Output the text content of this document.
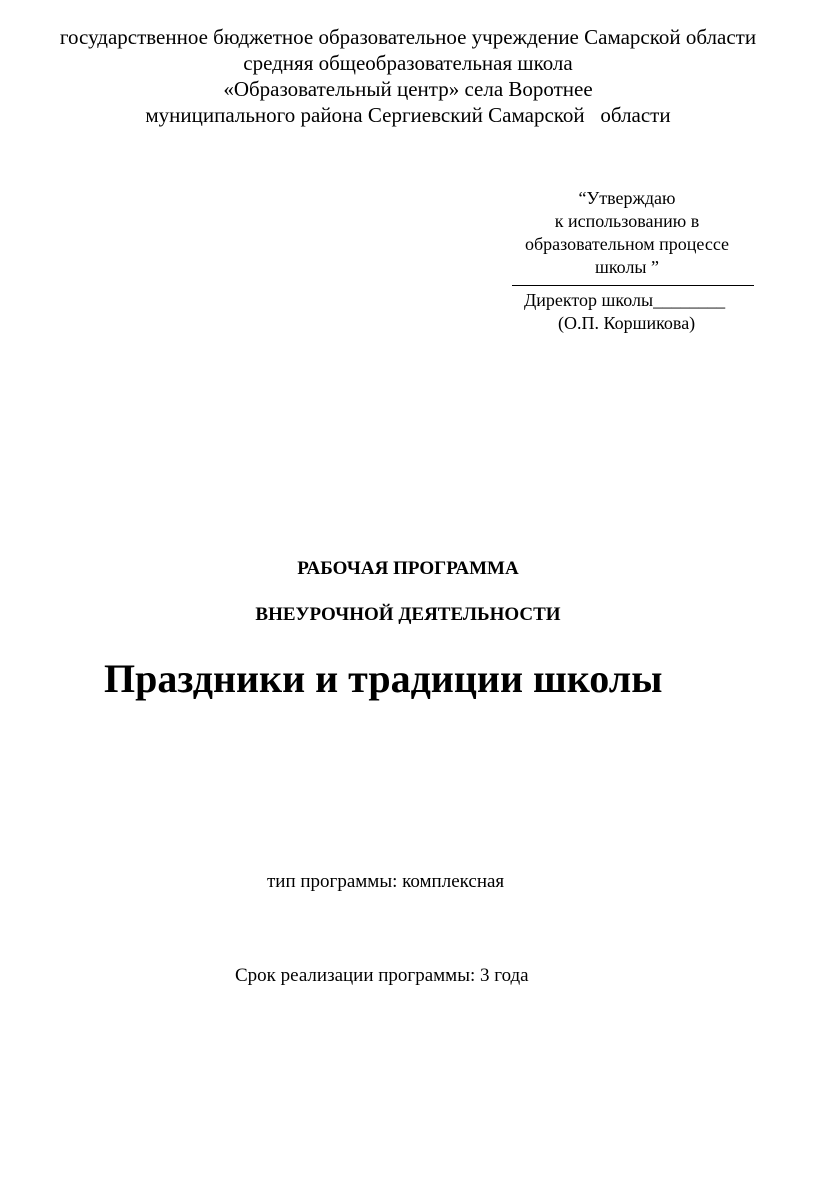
государственное бюджетное образовательное учреждение Самарской области
средняя общеобразовательная школа
«Образовательный центр» села Воротнее
муниципального района Сергиевский Самарской   области
“Утверждаю
к использованию в
образовательном процессе
школы ”
Директор школы________
(О.П. Коршикова)
РАБОЧАЯ ПРОГРАММА
ВНЕУРОЧНОЙ ДЕЯТЕЛЬНОСТИ
Праздники и традиции школы
тип программы: комплексная
Срок реализации программы: 3 года
